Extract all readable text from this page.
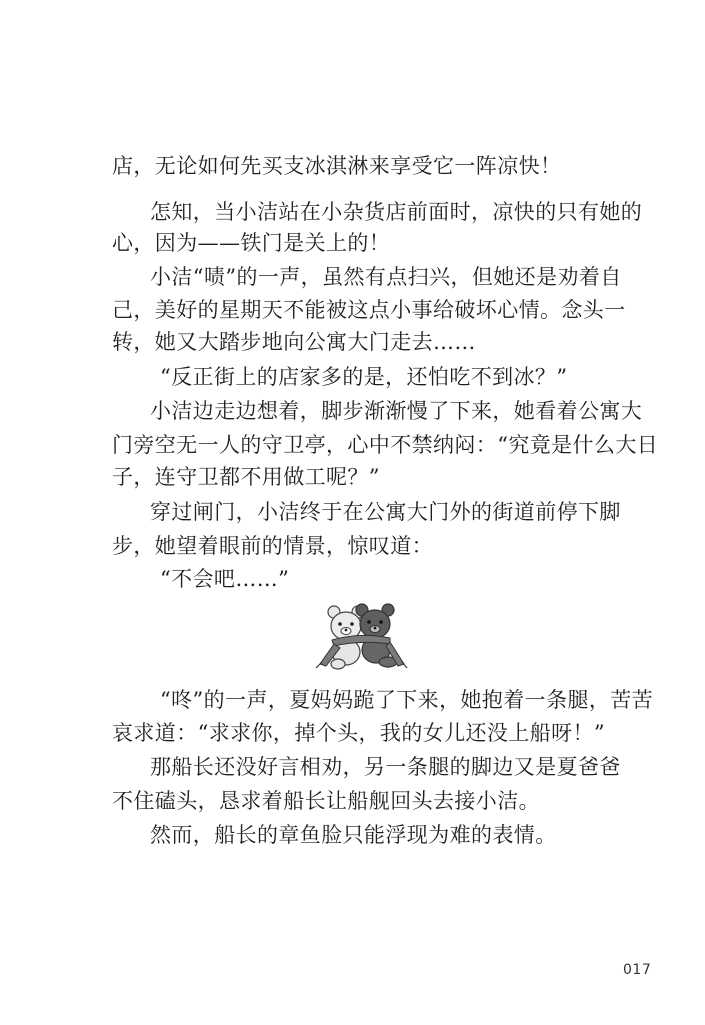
店，无论如何先买支冰淇淋来享受它一阵凉快！
怎知，当小洁站在小杂货店前面时，凉快的只有她的
心，因为——铁门是关上的！
小洁“啧”的一声，虽然有点扫兴，但她还是劝着自
己，美好的星期天不能被这点小事给破坏心情。念头一
转，她又大踏步地向公寓大门走去……
“反正街上的店家多的是，还怕吃不到冰？”
小洁边走边想着，脚步渐渐慢了下来，她看着公寓大
门旁空无一人的守卫亭，心中不禁纳闷：“究竟是什么大日
子，连守卫都不用做工呢？”
穿过闸门，小洁终于在公寓大门外的街道前停下脚
步，她望着眼前的情景，惊叹道：
“不会吧……”
“咚”的一声，夏妈妈跪了下来，她抱着一条腿，苦苦
哀求道：“求求你，掉个头，我的女儿还没上船呀！”
那船长还没好言相劝，另一条腿的脚边又是夏爸爸
不住磕头，恳求着船长让船舰回头去接小洁。
然而，船长的章鱼脸只能浮现为难的表情。
017
